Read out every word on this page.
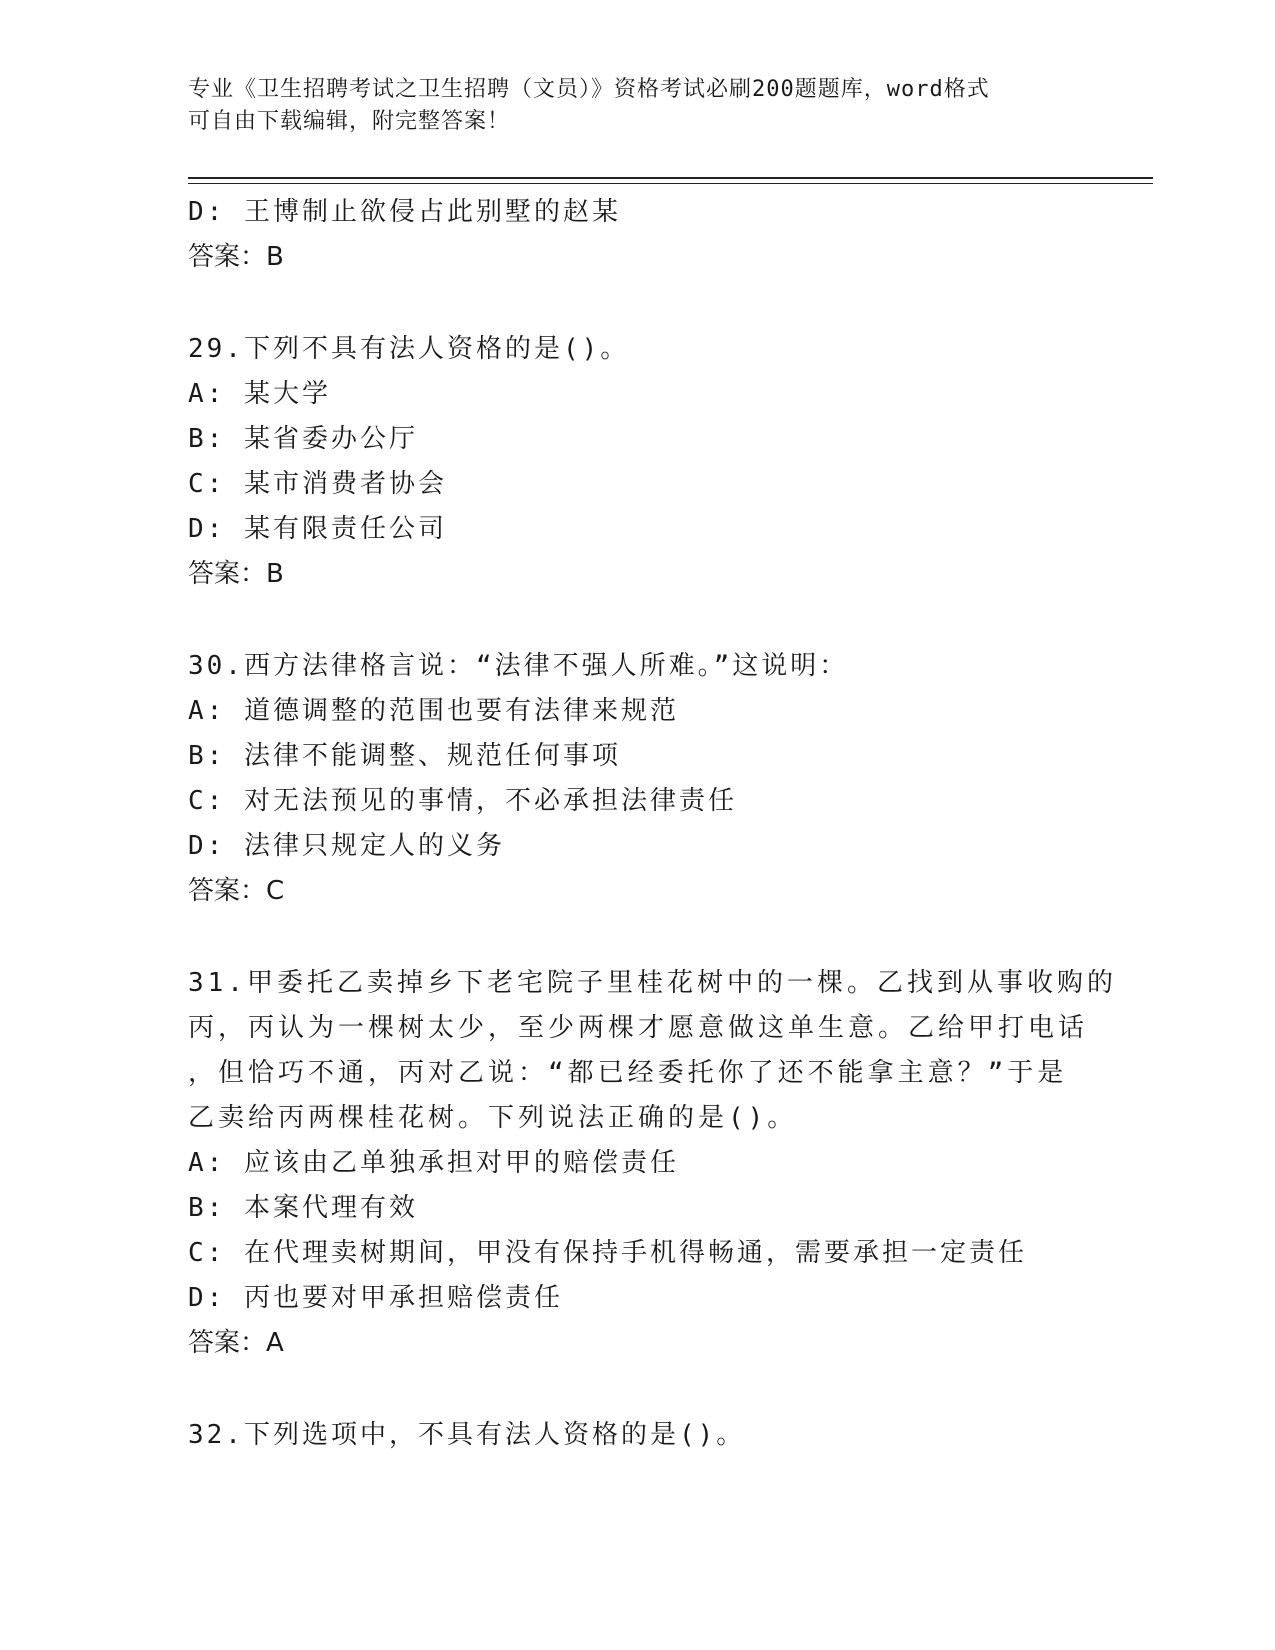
专业《卫生招聘考试之卫生招聘（文员）》资格考试必刷200题题库，word格式
可自由下载编辑，附完整答案！
D: 王博制止欲侵占此别墅的赵某
答案：B
29.下列不具有法人资格的是()。
A: 某大学
B: 某省委办公厅
C: 某市消费者协会
D: 某有限责任公司
答案：B
30.西方法律格言说：“法律不强人所难。”这说明：
A: 道德调整的范围也要有法律来规范
B: 法律不能调整、规范任何事项
C: 对无法预见的事情，不必承担法律责任
D: 法律只规定人的义务
答案：C
31.甲委托乙卖掉乡下老宅院子里桂花树中的一棵。乙找到从事收购的
丙，丙认为一棵树太少，至少两棵才愿意做这单生意。乙给甲打电话
，但恰巧不通，丙对乙说：“都已经委托你了还不能拿主意？”于是
乙卖给丙两棵桂花树。下列说法正确的是()。
A: 应该由乙单独承担对甲的赔偿责任
B: 本案代理有效
C: 在代理卖树期间，甲没有保持手机得畅通，需要承担一定责任
D: 丙也要对甲承担赔偿责任
答案：A
32.下列选项中，不具有法人资格的是()。
